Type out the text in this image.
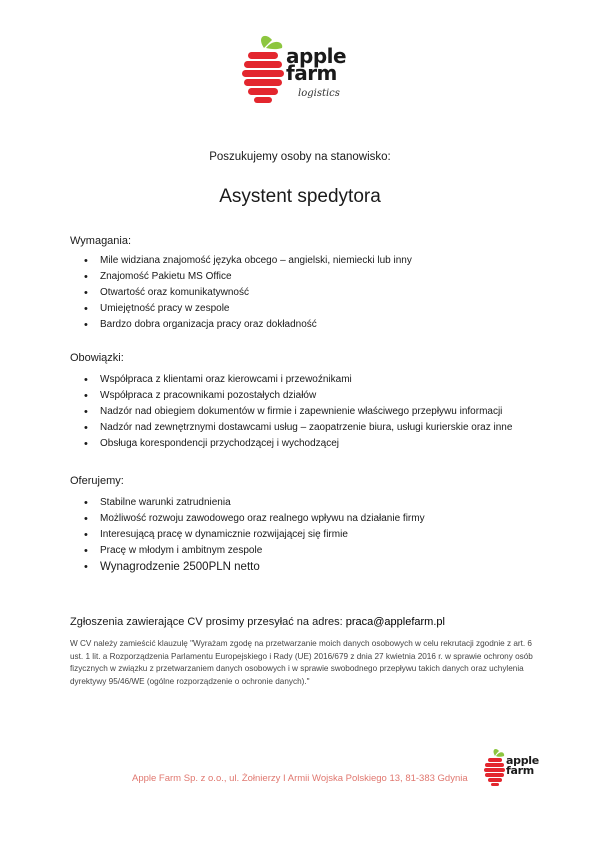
apple
farm
logistics
Poszukujemy osoby na stanowisko:
Asystent spedytora
Wymagania:
• Mile widziana znajomość języka obcego – angielski, niemiecki lub inny
• Znajomość Pakietu MS Office
• Otwartość oraz komunikatywność
• Umiejętność pracy w zespole
• Bardzo dobra organizacja pracy oraz dokładność
Obowiązki:
• Współpraca z klientami oraz kierowcami i przewoźnikami
• Współpraca z pracownikami pozostałych działów
• Nadzór nad obiegiem dokumentów w firmie i zapewnienie właściwego przepływu informacji
• Nadzór nad zewnętrznymi dostawcami usług – zaopatrzenie biura, usługi kurierskie oraz inne
• Obsługa korespondencji przychodzącej i wychodzącej
Oferujemy:
• Stabilne warunki zatrudnienia
• Możliwość rozwoju zawodowego oraz realnego wpływu na działanie firmy
• Interesującą pracę w dynamicznie rozwijającej się firmie
• Pracę w młodym i ambitnym zespole
• Wynagrodzenie 2500PLN netto
Zgłoszenia zawierające CV prosimy przesyłać na adres: praca@applefarm.pl
W CV należy zamieścić klauzulę "Wyrażam zgodę na przetwarzanie moich danych osobowych w celu rekrutacji zgodnie z art. 6 ust. 1 lit. a Rozporządzenia Parlamentu Europejskiego i Rady (UE) 2016/679 z dnia 27 kwietnia 2016 r. w sprawie ochrony osób fizycznych w związku z przetwarzaniem danych osobowych i w sprawie swobodnego przepływu takich danych oraz uchylenia dyrektywy 95/46/WE (ogólne rozporządzenie o ochronie danych)."
Apple Farm Sp. z o.o., ul. Żołnierzy I Armii Wojska Polskiego 13, 81-383 Gdynia
apple
farm
